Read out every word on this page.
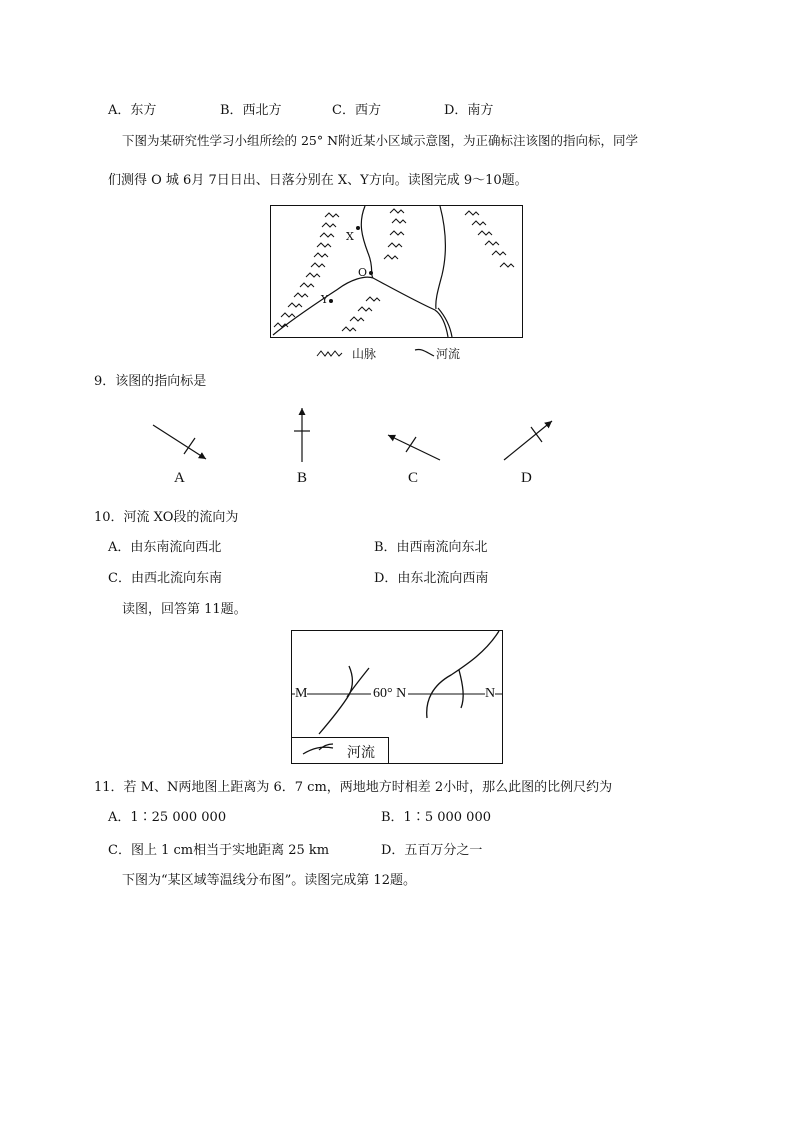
A．东方	B．西北方	C．西方	D．南方
下图为某研究性学习小组所绘的 25° N附近某小区域示意图，为正确标注该图的指向标，同学
们测得 O 城 6月 7日日出、日落分别在 X、Y方向。读图完成 9～10题。
X
O
Y
山脉	河流
9．该图的指向标是
A	B	C	D
10．河流 XO段的流向为
A．由东南流向西北	B．由西南流向东北
C．由西北流向东南	D．由东北流向西南
读图，回答第 11题。
M	60° N	N
河流
11．若 M、N两地图上距离为 6．7 cm，两地地方时相差 2小时，那么此图的比例尺约为
A．1∶25 000 000	B．1∶5 000 000
C．图上 1 cm相当于实地距离 25 km	D．五百万分之一
下图为“某区域等温线分布图”。读图完成第 12题。
